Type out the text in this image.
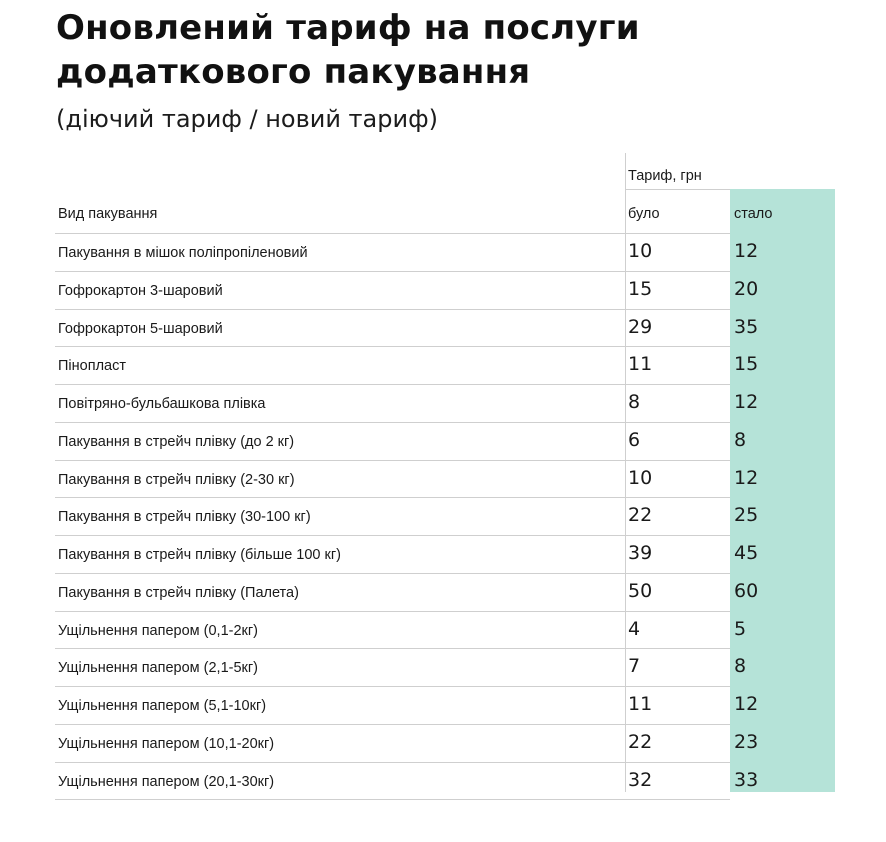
Оновлений тариф на послуги
додаткового пакування
(діючий тариф / новий тариф)
Тариф, грн
Вид пакування	було	стало
Пакування в мішок поліпропіленовий	10	12
Гофрокартон 3-шаровий	15	20
Гофрокартон 5-шаровий	29	35
Пінопласт	11	15
Повітряно-бульбашкова плівка	8	12
Пакування в стрейч плівку (до 2 кг)	6	8
Пакування в стрейч плівку (2-30 кг)	10	12
Пакування в стрейч плівку (30-100 кг)	22	25
Пакування в стрейч плівку (більше 100 кг)	39	45
Пакування в стрейч плівку (Палета)	50	60
Ущільнення папером (0,1-2кг)	4	5
Ущільнення папером (2,1-5кг)	7	8
Ущільнення папером (5,1-10кг)	11	12
Ущільнення папером (10,1-20кг)	22	23
Ущільнення папером (20,1-30кг)	32	33
